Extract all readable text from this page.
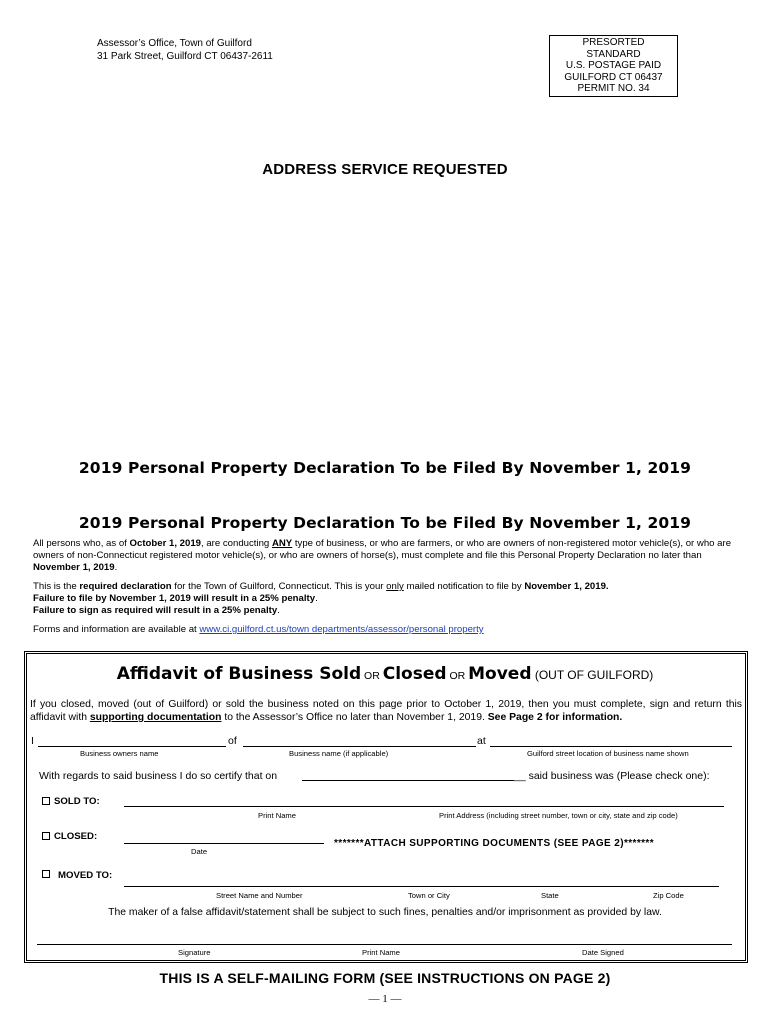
Assessor’s Office, Town of Guilford
31 Park Street, Guilford CT 06437-2611
PRESORTED
STANDARD
U.S. POSTAGE PAID
GUILFORD CT 06437
PERMIT NO. 34
ADDRESS SERVICE REQUESTED
2019 Personal Property Declaration To be Filed By November 1, 2019
2019 Personal Property Declaration To be Filed By November 1, 2019

All persons who, as of October 1, 2019, are conducting ANY type of business, or who are farmers, or who are owners of non-registered motor vehicle(s), or who are owners of non-Connecticut registered motor vehicle(s), or who are owners of horse(s), must complete and file this Personal Property Declaration no later than November 1, 2019.

This is the required declaration for the Town of Guilford, Connecticut. This is your only mailed notification to file by November 1, 2019.

Failure to file by November 1, 2019 will result in a 25% penalty.

Failure to sign as required will result in a 25% penalty.

Forms and information are available at www.ci.guilford.ct.us/town departments/assessor/personal property

Affidavit of Business Sold OR Closed OR Moved (OUT OF GUILFORD)

If you closed, moved (out of Guilford) or sold the business noted on this page prior to October 1, 2019, then you must complete, sign and return this affidavit with supporting documentation to the Assessor’s Office no later than November 1, 2019. See Page 2 for information.

I	of	at
Business owners name	Business name (if applicable)	Guilford street location of business name shown
With regards to said business I do so certify that on	__ said business was (Please check one):
SOLD TO:
Print Name	Print Address (including street number, town or city, state and zip code)
CLOSED:
Date
*******ATTACH SUPPORTING DOCUMENTS (SEE PAGE 2)*******
MOVED TO:
Street Name and Number	Town or City	State	Zip Code
The maker of a false affidavit/statement shall be subject to such fines, penalties and/or imprisonment as provided by law.
Signature	Print Name	Date Signed
THIS IS A SELF-MAILING FORM (SEE INSTRUCTIONS ON PAGE 2)
— 1 —
